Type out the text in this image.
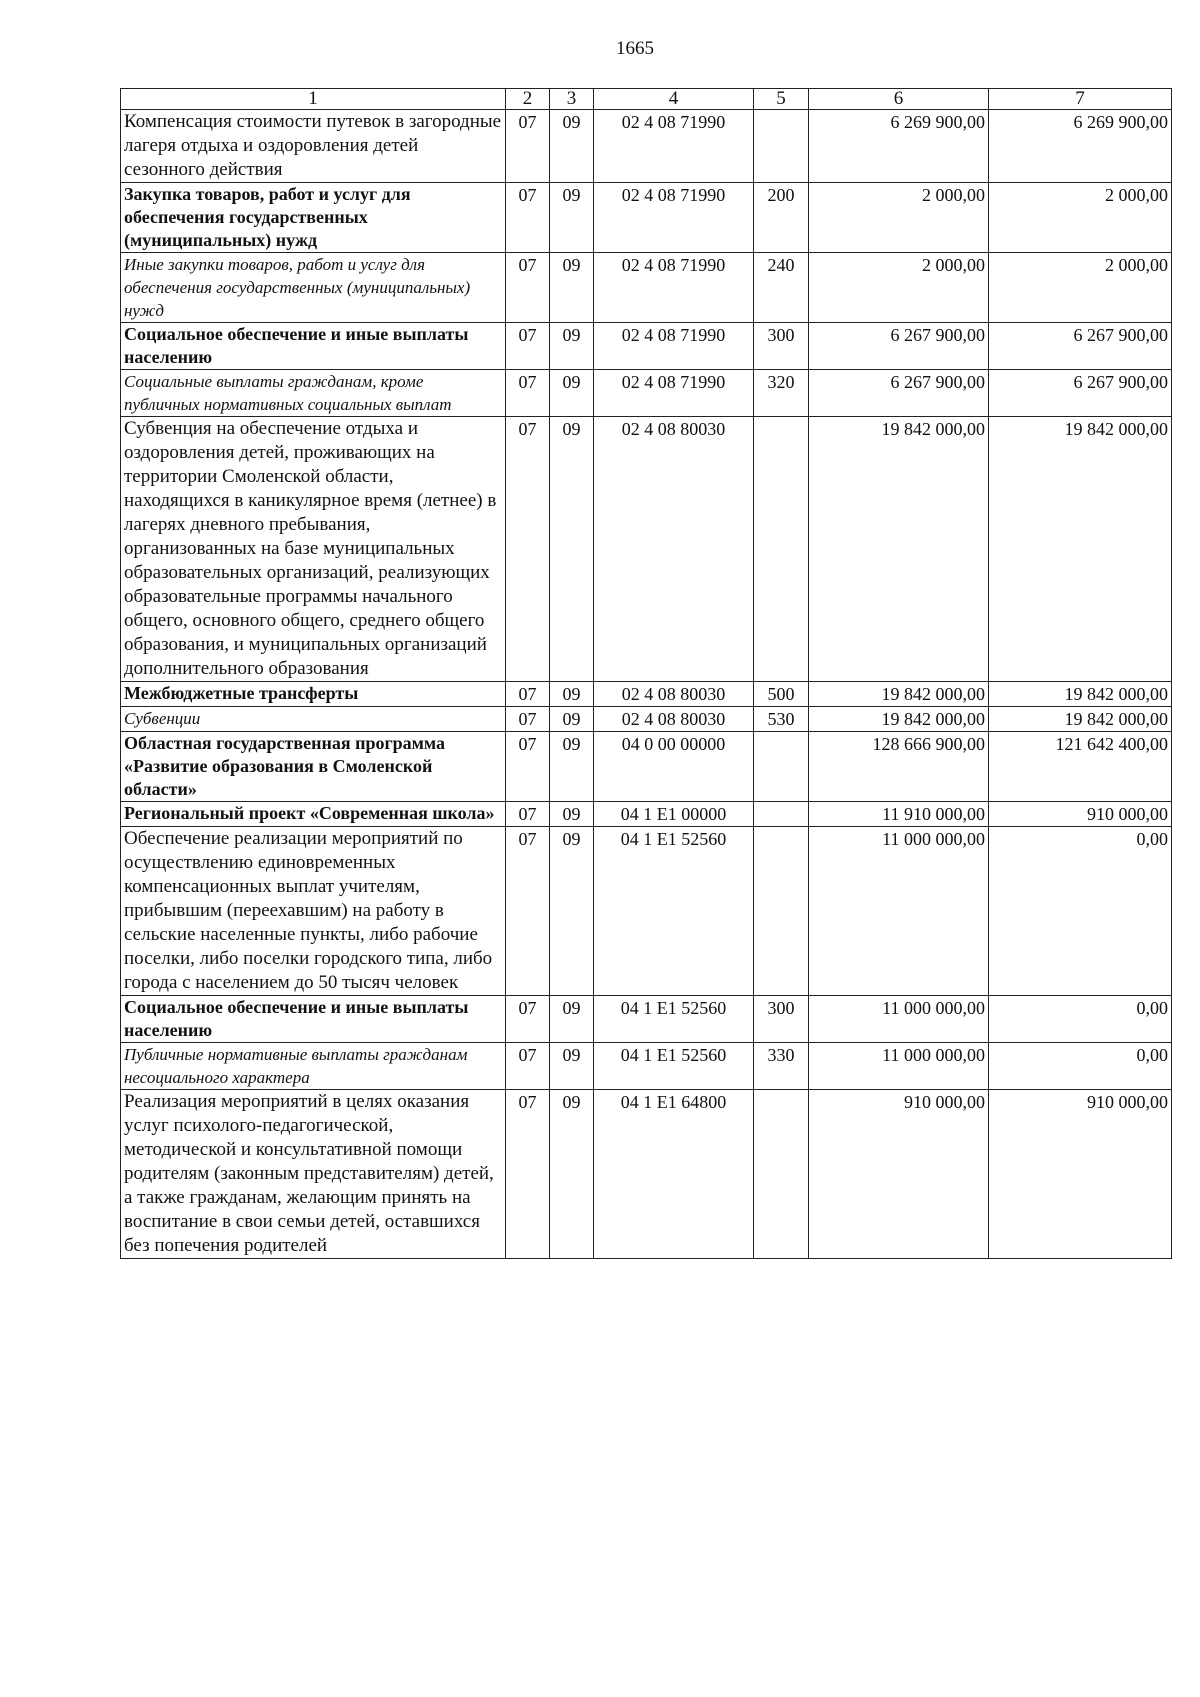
1665
1	2	3	4	5	6	7
Компенсация стоимости путевок в загородные лагеря отдыха и оздоровления детей сезонного действия	07	09	02 4 08 71990		6 269 900,00	6 269 900,00
Закупка товаров, работ и услуг для обеспечения государственных (муниципальных) нужд	07	09	02 4 08 71990	200	2 000,00	2 000,00
Иные закупки товаров, работ и услуг для обеспечения государственных (муниципальных) нужд	07	09	02 4 08 71990	240	2 000,00	2 000,00
Социальное обеспечение и иные выплаты населению	07	09	02 4 08 71990	300	6 267 900,00	6 267 900,00
Социальные выплаты гражданам, кроме публичных нормативных социальных выплат	07	09	02 4 08 71990	320	6 267 900,00	6 267 900,00
Субвенция на обеспечение отдыха и оздоровления детей, проживающих на территории Смоленской области, находящихся в каникулярное время (летнее) в лагерях дневного пребывания, организованных на базе муниципальных образовательных организаций, реализующих образовательные программы начального общего, основного общего, среднего общего образования, и муниципальных организаций дополнительного образования	07	09	02 4 08 80030		19 842 000,00	19 842 000,00
Межбюджетные трансферты	07	09	02 4 08 80030	500	19 842 000,00	19 842 000,00
Субвенции	07	09	02 4 08 80030	530	19 842 000,00	19 842 000,00
Областная государственная программа «Развитие образования в Смоленской области»	07	09	04 0 00 00000		128 666 900,00	121 642 400,00
Региональный проект «Современная школа»	07	09	04 1 E1 00000		11 910 000,00	910 000,00
Обеспечение реализации мероприятий по осуществлению единовременных компенсационных выплат учителям, прибывшим (переехавшим) на работу в сельские населенные пункты, либо рабочие поселки, либо поселки городского типа, либо города с населением до 50 тысяч человек	07	09	04 1 E1 52560		11 000 000,00	0,00
Социальное обеспечение и иные выплаты населению	07	09	04 1 E1 52560	300	11 000 000,00	0,00
Публичные нормативные выплаты гражданам несоциального характера	07	09	04 1 E1 52560	330	11 000 000,00	0,00
Реализация мероприятий в целях оказания услуг психолого-педагогической, методической и консультативной помощи родителям (законным представителям) детей, а также гражданам, желающим принять на воспитание в свои семьи детей, оставшихся без попечения родителей	07	09	04 1 E1 64800		910 000,00	910 000,00
